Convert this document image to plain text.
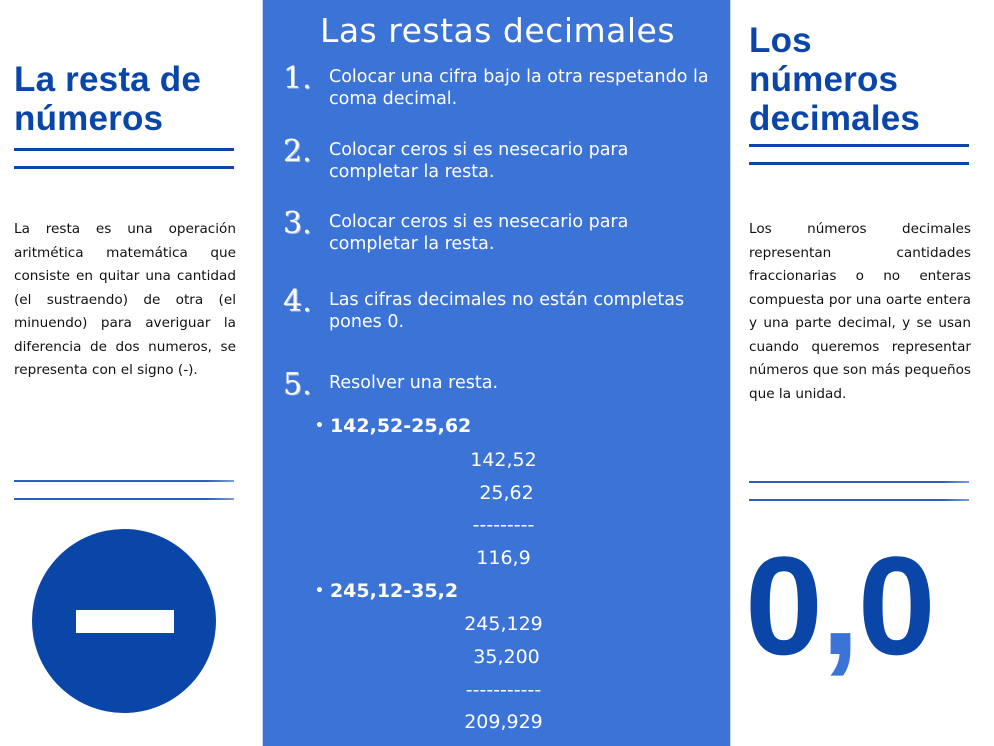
La resta de
números
La resta es una operación aritmética matemática que consiste en quitar una cantidad (el sustraendo) de otra (el minuendo) para averiguar la diferencia de dos numeros, se representa con el signo (-).
Las restas decimales
1. Colocar una cifra bajo la otra respetando la coma decimal.
2. Colocar ceros si es nesecario para completar la resta.
3. Colocar ceros si es nesecario para completar la resta.
4. Las cifras decimales no están completas pones 0.
5. Resolver una resta.
• 142,52-25,62
142,52
25,62
---------
116,9
• 245,12-35,2
245,129
35,200
-----------
209,929
Los
números
decimales
Los números decimales representan cantidades fraccionarias o no enteras compuesta por una oarte entera y una parte decimal, y se usan cuando queremos representar números que son más pequeños que la unidad.
0,0
